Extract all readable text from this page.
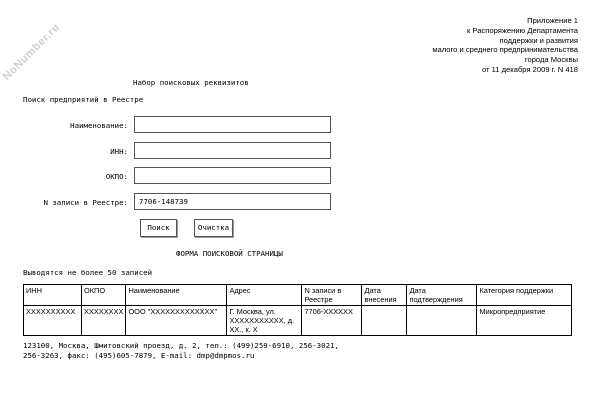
NoNumber.ru
Приложение 1
к Распоряжению Департамента
поддержки и развития
малого и среднего предпринимательства
города Москвы
от 11 декабря 2009 г. N 418
Набор поисковых реквизитов
Поиск предприятий в Реестре
Наименование:
ИНН:
ОКПО:
N записи в Реестре:	7706-148739
Поиск	Очистка
ФОРМА ПОИСКОВОЙ СТРАНИЦЫ
Выводятся не более 50 записей
ИНН	ОКПО	Наименование	Адрес	N записи в Реестре	Дата внесения	Дата подтверждения	Категория поддержки
XXXXXXXXXX	XXXXXXXX	ООО "XXXXXXXXXXXXX"	Г. Москва, ул. XXXXXXXXXXX, д. XX., к. X	7706-XXXXXX			Микропредприятие
123100, Москва, Шмитовский проезд, д. 2, тел.: (499)259-6910, 256-3021,
256-3263, факс: (495)605-7879, E-mail: dmp@dmpmos.ru
